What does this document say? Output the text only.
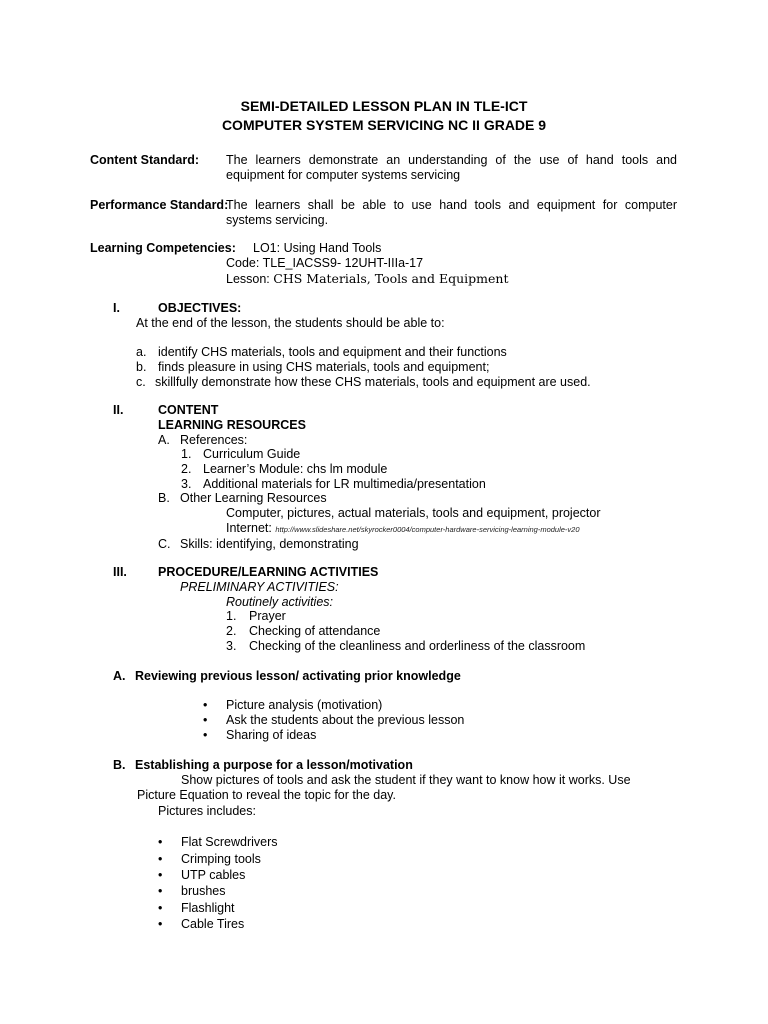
SEMI-DETAILED LESSON PLAN IN TLE-ICT
COMPUTER SYSTEM SERVICING NC II GRADE 9
Content Standard: The learners demonstrate an understanding of the use of hand tools and
equipment for computer systems servicing
Performance Standard:
The learners shall be able to use hand tools and equipment for computer
systems servicing.
Learning Competencies: LO1: Using Hand Tools
Code: TLE_IACSS9- 12UHT-IIIa-17
Lesson: CHS Materials, Tools and Equipment
I.	OBJECTIVES:
At the end of the lesson, the students should be able to:
a. identify CHS materials, tools and equipment and their functions
b. finds pleasure in using CHS materials, tools and equipment;
c. skillfully demonstrate how these CHS materials, tools and equipment are used.
II.	CONTENT
LEARNING RESOURCES
A. References:
1. Curriculum Guide
2. Learner’s Module: chs lm module
3. Additional materials for LR multimedia/presentation
B. Other Learning Resources
Computer, pictures, actual materials, tools and equipment, projector
Internet: http://www.slideshare.net/skyrocker0004/computer-hardware-servicing-learning-module-v20
C. Skills: identifying, demonstrating
III. PROCEDURE/LEARNING ACTIVITIES
PRELIMINARY ACTIVITIES:
Routinely activities:
1. Prayer
2. Checking of attendance
3. Checking of the cleanliness and orderliness of the classroom
A. Reviewing previous lesson/ activating prior knowledge
• Picture analysis (motivation)
• Ask the students about the previous lesson
• Sharing of ideas
B. Establishing a purpose for a lesson/motivation
Show pictures of tools and ask the student if they want to know how it works. Use
Picture Equation to reveal the topic for the day.
Pictures includes:
• Flat Screwdrivers
• Crimping tools
• UTP cables
• brushes
• Flashlight
• Cable Tires
